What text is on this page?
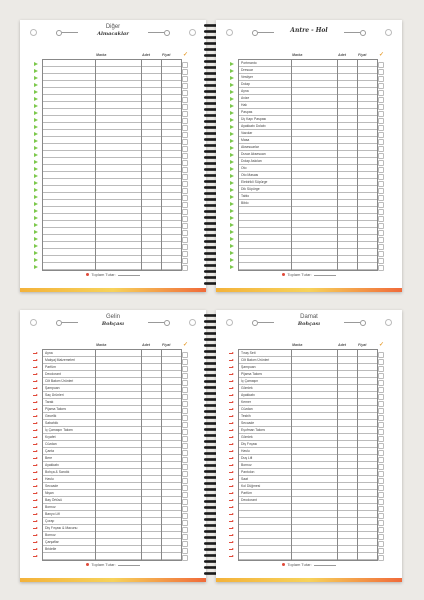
Diğer
Almacaklar
Marka	Adet	Fiyat ✓
Toplam Tutar:
Antre - Hol
Marka	Adet	Fiyat ✓
Portmanto
Dresuar
Vestiyer
Dolap
Ayna
Avize
Halı
Paspas
Üç Kapı Paspası
Ayakkabı Dolabı
Vazolar
Masa
Aksesuarlar
Duvar Aksesuarı
Dolap Askıları
Oto
Oto Masası
Elektrikli Süpürge
Dik Süpürge
Tablo
Biblo
Toplam Tutar:
Gelin
Bohçası
Marka	Adet	Fiyat ✓
Ayna
Makyaj Malzemeleri
Parfüm
Deodorant
Cilt Bakım Ürünleri
Şampuan
Saç Ürünleri
Tarak
Pijama Takımı
Gecelik
Sabahlık
İç Çamaşırı Takımı
Kıyafet
Cüzdan
Çanta
Bere
Ayakkabı
Bohça & Sandık
Havlu
Seccade
Nişan
Baş Örtüsü
Bornoz
Banyo Lifi
Çorap
Diş Fırçası & Macunu
Bornoz
Çarşaflar
Bridelle
Toplam Tutar:
Damat
Bohçası
Marka	Adet	Fiyat ✓
Tıraş Seti
Cilt Bakım Ürünleri
Şampuan
Pijama Takımı
İç Çamaşırı
Gömlek
Ayakkabı
Kemer
Cüzdan
Tesbih
Seccade
Eşofman Takımı
Gömlek
Diş Fırçası
Havlu
Duş Lifi
Bornoz
Pantolon
Saat
Kol Düğmesi
Parfüm
Deodorant
Toplam Tutar:
